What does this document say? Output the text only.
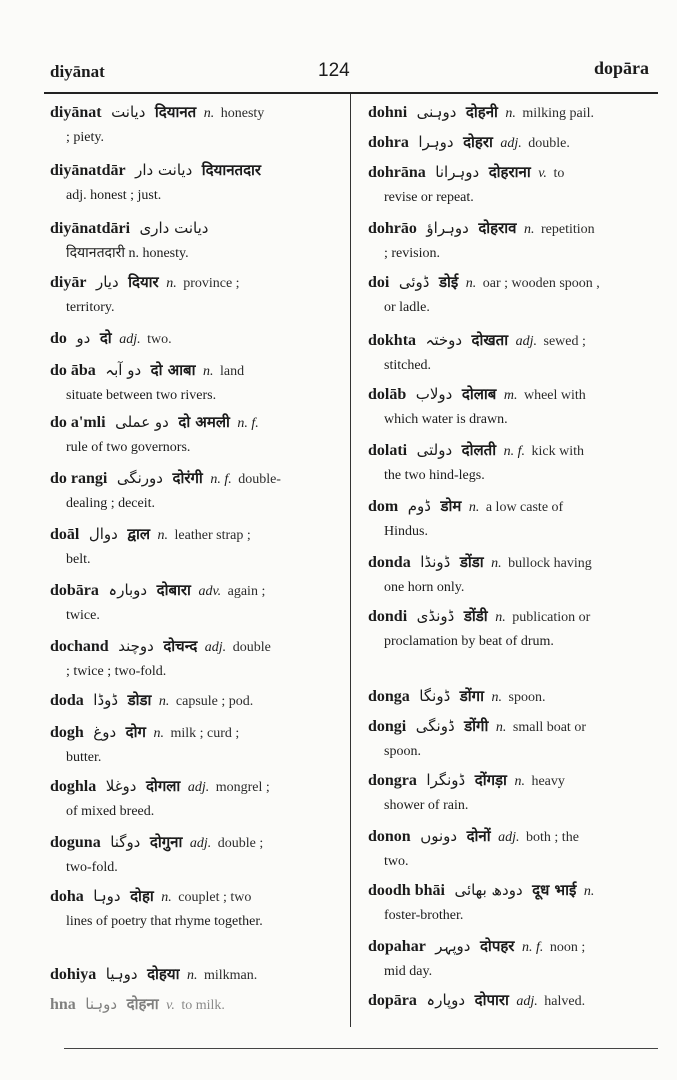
diyānat	124	dopāra
diyānat دیانت दियानत n. honesty
; piety.
diyānatdār دیانت دار दियानतदार
adj. honest ; just.
diyānatdāri دیانت داری
दियानतदारी n. honesty.
diyār دیار दियार n. province ;
territory.
do دو दो adj. two.
do āba دو آبہ दो आबा n. land
situate between two rivers.
do a'mli دو عملی दो अमली n. f.
rule of two governors.
do rangi دورنگی दोरंगी n. f. double-
dealing ; deceit.
doāl دوال द्वाल n. leather strap ;
belt.
dobāra دوبارہ दोबारा adv. again ;
twice.
dochand دوچند दोचन्द adj. double
; twice ; two-fold.
doda ڈوڈا डोडा n. capsule ; pod.
dogh دوغ दोग n. milk ; curd ;
butter.
doghla دوغلا दोगला adj. mongrel ;
of mixed breed.
doguna دوگنا दोगुना adj. double ;
two-fold.
doha دوہا दोहा n. couplet ; two
lines of poetry that rhyme together.
dohiya دوہیا दोहया n. milkman.
hna دوہنا दोहना v. to milk.
dohni دوہنی दोहनी n. milking pail.
dohra دوہرا दोहरा adj. double.
dohrāna دوہرانا दोहराना v. to
revise or repeat.
dohrāo دوہراؤ दोहराव n. repetition
; revision.
doi ڈوئی डोई n. oar ; wooden spoon ,
or ladle.
dokhta دوختہ दोखता adj. sewed ;
stitched.
dolāb دولاب दोलाब m. wheel with
which water is drawn.
dolati دولتی दोलती n. f. kick with
the two hind-legs.
dom ڈوم डोम n. a low caste of
Hindus.
donda ڈونڈا डोंडा n. bullock having
one horn only.
dondi ڈونڈی डोंडी n. publication or
proclamation by beat of drum.
donga ڈونگا डोंगा n. spoon.
dongi ڈونگی डोंगी n. small boat or
spoon.
dongra ڈونگرا दोंगड़ा n. heavy
shower of rain.
donon دونوں दोनों adj. both ; the
two.
doodh bhāi دودھ بھائی दूध भाई n.
foster-brother.
dopahar دوپہر दोपहर n. f. noon ;
mid day.
dopāra دوپارہ दोपारा adj. halved.
